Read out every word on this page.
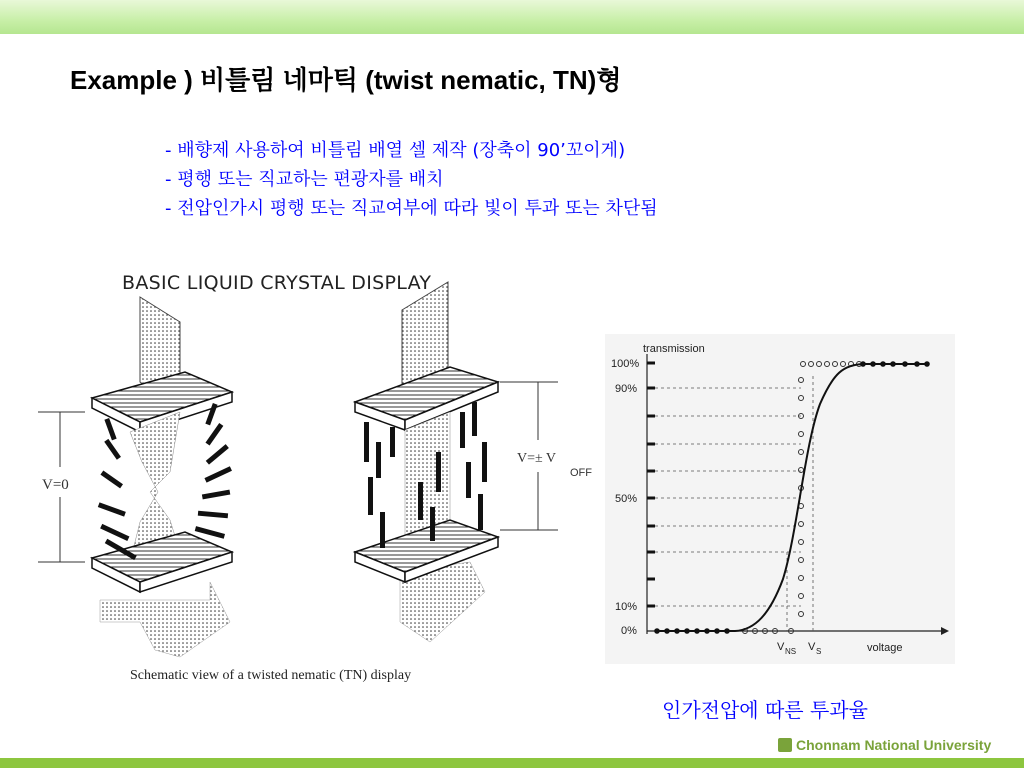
Example ) 비틀림 네마틱 (twist nematic, TN)형
- 배향제 사용하여 비틀림 배열 셀 제작 (장축이 90’꼬이게)
- 평행 또는 직교하는 편광자를 배치
- 전압인가시 평행 또는 직교여부에 따라 빛이 투과 또는 차단됨
BASIC LIQUID CRYSTAL DISPLAY
V=0
V=± V
OFF
Schematic view of a twisted nematic (TN) display
transmission
voltage
100%
90%
50%
10%
0%
V NS V S
인가전압에 따른 투과율
Chonnam National University
